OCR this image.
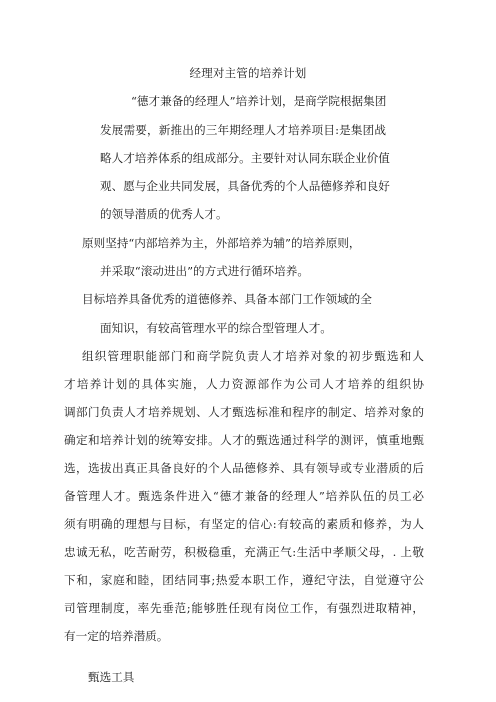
经理对主管的培养计划
“德才兼备的经理人”培养计划，是商学院根据集团
发展需要，新推出的三年期经理人才培养项目:是集团战
略人才培养体系的组成部分。主要针对认同东联企业价值
观、愿与企业共同发展，具备优秀的个人品德修养和良好
的领导潜质的优秀人才。
原则坚持“内部培养为主，外部培养为辅”的培养原则，
并采取“滚动进出”的方式进行循环培养。
目标培养具备优秀的道德修养、具备本部门工作领域的全
面知识，有较高管理水平的综合型管理人才。
组织管理职能部门和商学院负责人才培养对象的初步甄选和人
才培养计划的具体实施，人力资源部作为公司人才培养的组织协
调部门负责人才培养规划、人才甄选标准和程序的制定、培养对象的
确定和培养计划的统筹安排。人才的甄选通过科学的测评，慎重地甄
选，选拔出真正具备良好的个人品德修养、具有领导或专业潜质的后
备管理人才。甄选条件进入“德才兼备的经理人”培养队伍的员工必
须有明确的理想与目标，有坚定的信心:有较高的素质和修养，为人
忠诚无私，吃苦耐劳，积极稳重，充满正气:生活中孝顺父母，. 上敬
下和，家庭和睦，团结同事;热爱本职工作，遵纪守法，自觉遵守公
司管理制度，率先垂范;能够胜任现有岗位工作，有强烈进取精神，
有一定的培养潜质。
甄选工具
